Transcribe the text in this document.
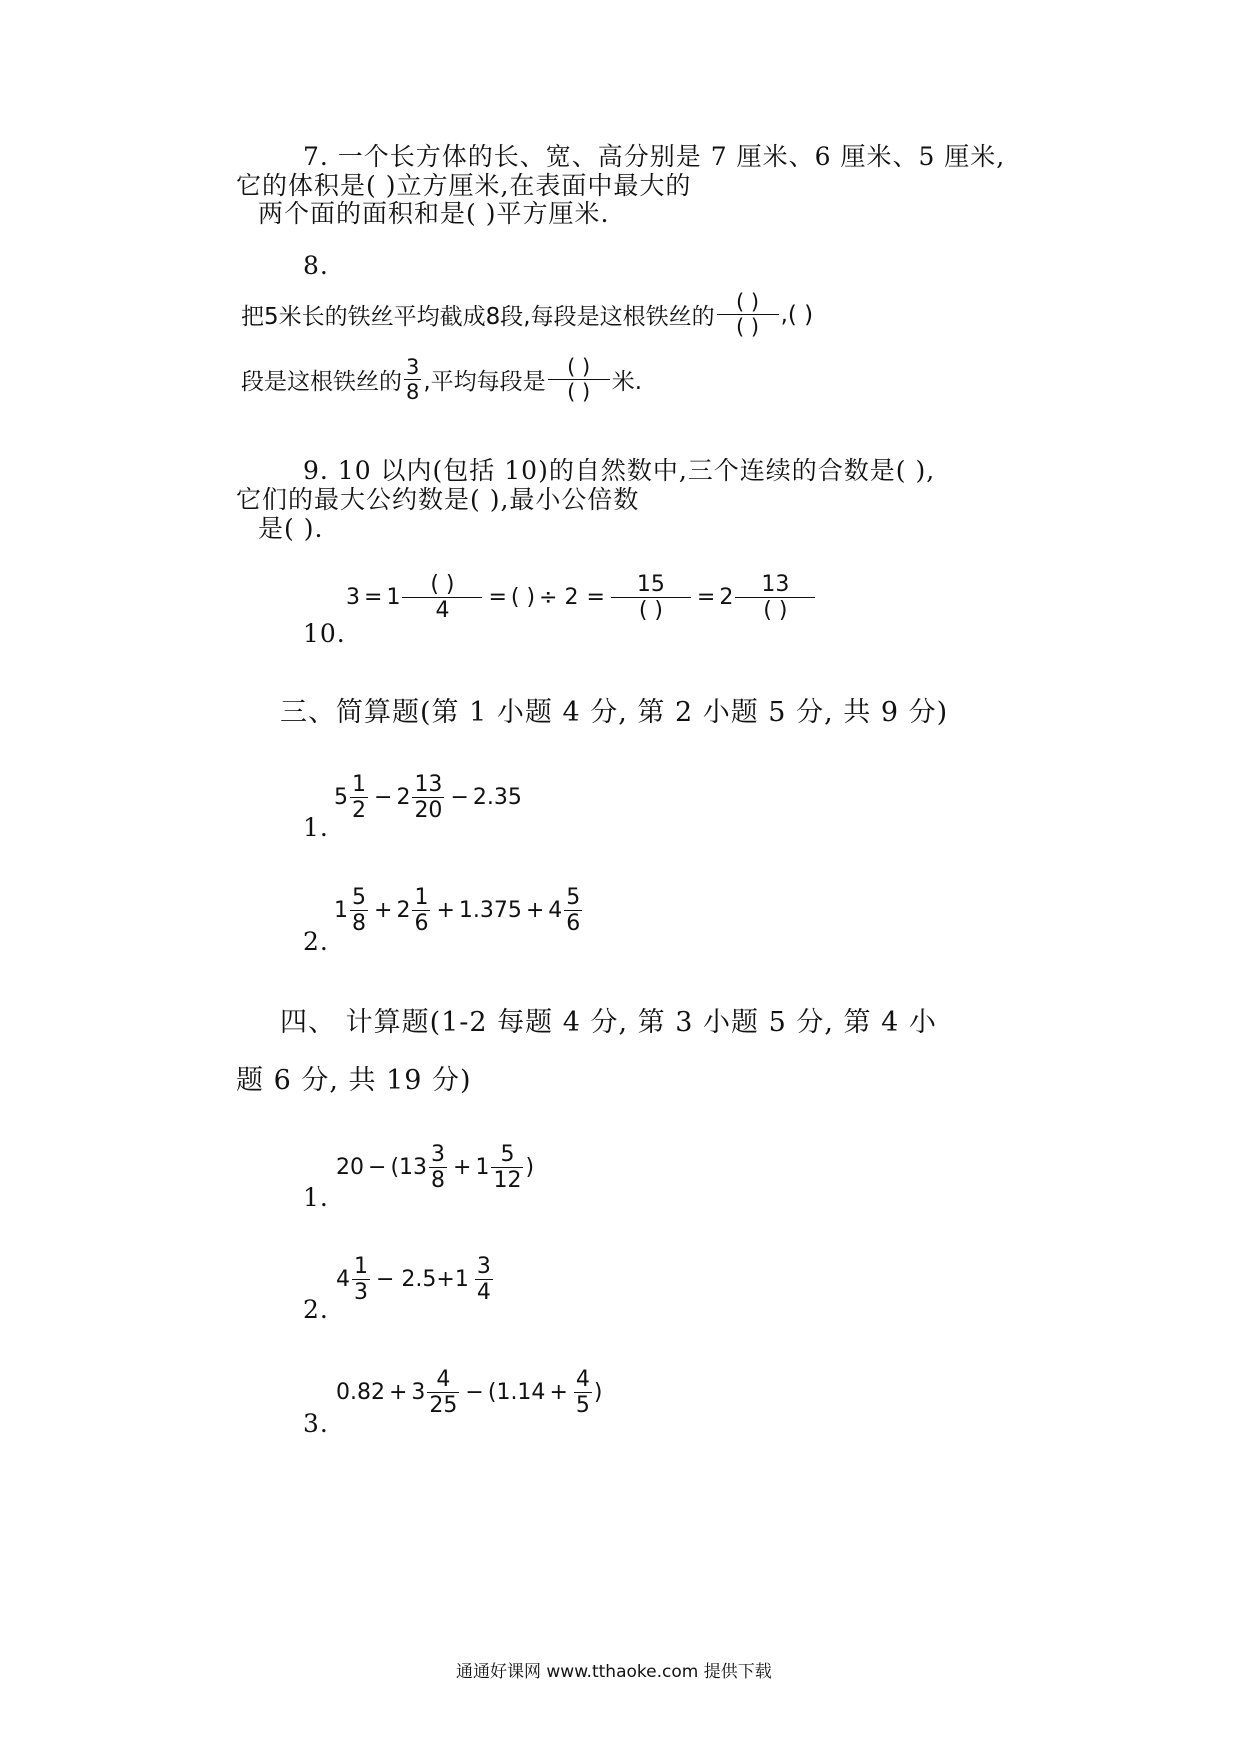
7. 一个长方体的长、宽、高分别是 7 厘米、6 厘米、5 厘米,
它的体积是( )立方厘米,在表面中最大的
两个面的面积和是( )平方厘米.
8.
把5米长的铁丝平均截成8段,每段是这根铁丝的 $\frac{( )}{( )}$ ,( )
段是这根铁丝的 $\frac{3}{8}$ ,平均每段是 $\frac{( )}{( )}$ 米.
9. 10 以内(包括 10)的自然数中,三个连续的合数是( ),
它们的最大公约数是( ),最小公倍数
是( ).
10.
$3 = 1 \frac{( )}{4}$ = ( ) ÷ $2 = \frac{15}{( )} = 2 \frac{13}{( )}$
三、简算题(第 1 小题 4 分, 第 2 小题 5 分, 共 9 分)
1.
$5 \frac{1}{2} - 2 \frac{13}{20} - 2.35$
2.
$1 \frac{5}{8} + 2 \frac{1}{6} + 1.375 + 4 \frac{5}{6}$
四、 计算题(1-2 每题 4 分, 第 3 小题 5 分, 第 4 小
题 6 分, 共 19 分)
1.
$20 - (13 \frac{3}{8} + 1 \frac{5}{12}$ )
2.
$4 \frac{1}{3} - 2.5+1 \frac{3}{4}$
3.
$0.82 + 3 \frac{4}{25} - (1.14 + \frac{4}{5}$ )
通通好课网 www.tthaoke.com 提供下载
